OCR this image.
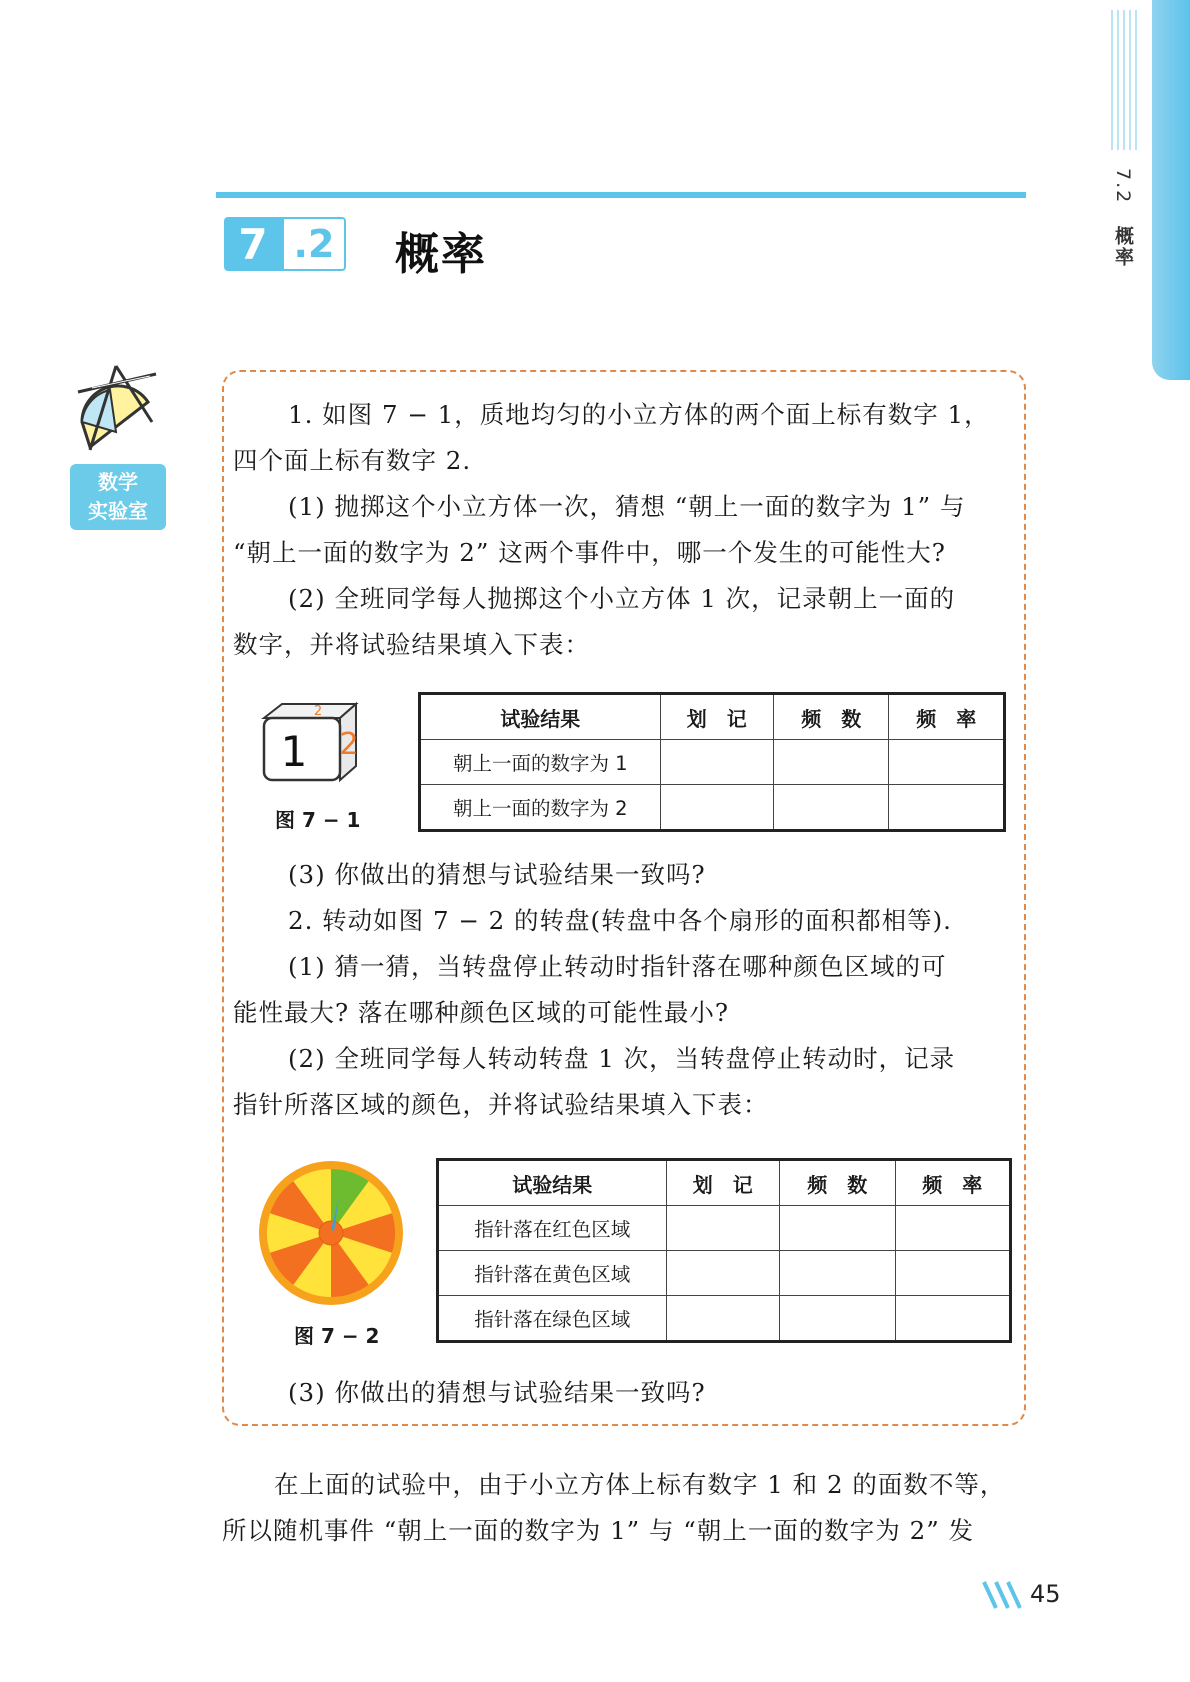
7.2 概率
7 .2 概率
数学
实验室
1. 如图 7 − 1，质地均匀的小立方体的两个面上标有数字 1，
四个面上标有数字 2.
(1) 抛掷这个小立方体一次，猜想 “朝上一面的数字为 1” 与
“朝上一面的数字为 2” 这两个事件中，哪一个发生的可能性大?
(2) 全班同学每人抛掷这个小立方体 1 次，记录朝上一面的
数字，并将试验结果填入下表：
1 2
2
图 7 − 1
试验结果	划　记	频　数	频　率
朝上一面的数字为 1			
朝上一面的数字为 2			
(3) 你做出的猜想与试验结果一致吗?
2. 转动如图 7 − 2 的转盘(转盘中各个扇形的面积都相等).
(1) 猜一猜，当转盘停止转动时指针落在哪种颜色区域的可
能性最大? 落在哪种颜色区域的可能性最小?
(2) 全班同学每人转动转盘 1 次，当转盘停止转动时，记录
指针所落区域的颜色，并将试验结果填入下表：
图 7 − 2
试验结果	划　记	频　数	频　率
指针落在红色区域			
指针落在黄色区域			
指针落在绿色区域			
(3) 你做出的猜想与试验结果一致吗?
在上面的试验中，由于小立方体上标有数字 1 和 2 的面数不等，
所以随机事件 “朝上一面的数字为 1” 与 “朝上一面的数字为 2” 发
45
